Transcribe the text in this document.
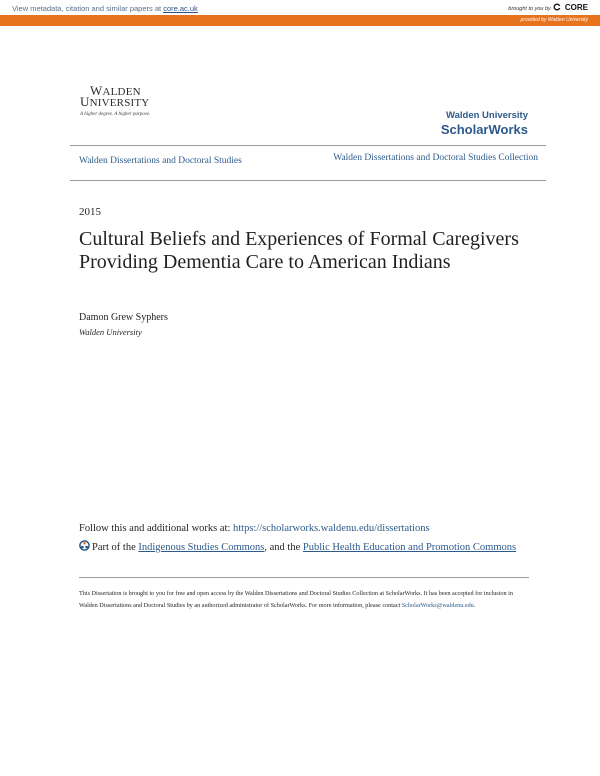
View metadata, citation and similar papers at core.ac.uk	brought to you by CORE
provided by Walden University
WALDEN
UNIVERSITY
A higher degree. A higher purpose.	Walden University
ScholarWorks
Walden Dissertations and Doctoral Studies	Walden Dissertations and Doctoral Studies Collection
2015
Cultural Beliefs and Experiences of Formal Caregivers Providing Dementia Care to American Indians
Damon Grew Syphers
Walden University
Follow this and additional works at: https://scholarworks.waldenu.edu/dissertations
Part of the Indigenous Studies Commons, and the Public Health Education and Promotion Commons
This Dissertation is brought to you for free and open access by the Walden Dissertations and Doctoral Studies Collection at ScholarWorks. It has been accepted for inclusion in Walden Dissertations and Doctoral Studies by an authorized administrator of ScholarWorks. For more information, please contact ScholarWorks@waldenu.edu.
